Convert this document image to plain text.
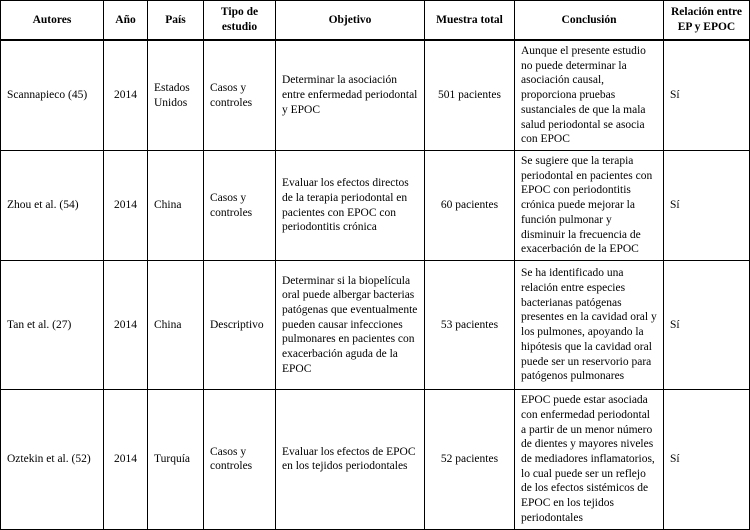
Autores	Año	País	Tipo de estudio	Objetivo	Muestra total	Conclusión	Relación entre EP y EPOC
Scannapieco (45)	2014	Estados Unidos	Casos y controles	Determinar la asociación entre enfermedad periodontal y EPOC	501 pacientes	Aunque el presente estudio no puede determinar la asociación causal, proporciona pruebas sustanciales de que la mala salud periodontal se asocia con EPOC	Sí
Zhou et al. (54)	2014	China	Casos y controles	Evaluar los efectos directos de la terapia periodontal en pacientes con EPOC con periodontitis crónica	60 pacientes	Se sugiere que la terapia periodontal en pacientes con EPOC con periodontitis crónica puede mejorar la función pulmonar y disminuir la frecuencia de exacerbación de la EPOC	Sí
Tan et al. (27)	2014	China	Descriptivo	Determinar si la biopelícula oral puede albergar bacterias patógenas que eventualmente pueden causar infecciones pulmonares en pacientes con exacerbación aguda de la EPOC	53 pacientes	Se ha identificado una relación entre especies bacterianas patógenas presentes en la cavidad oral y los pulmones, apoyando la hipótesis que la cavidad oral puede ser un reservorio para patógenos pulmonares	Sí
Oztekin et al. (52)	2014	Turquía	Casos y controles	Evaluar los efectos de EPOC en los tejidos periodontales	52 pacientes	EPOC puede estar asociada con enfermedad periodontal a partir de un menor número de dientes y mayores niveles de mediadores inflamatorios, lo cual puede ser un reflejo de los efectos sistémicos de EPOC en los tejidos periodontales	Sí
